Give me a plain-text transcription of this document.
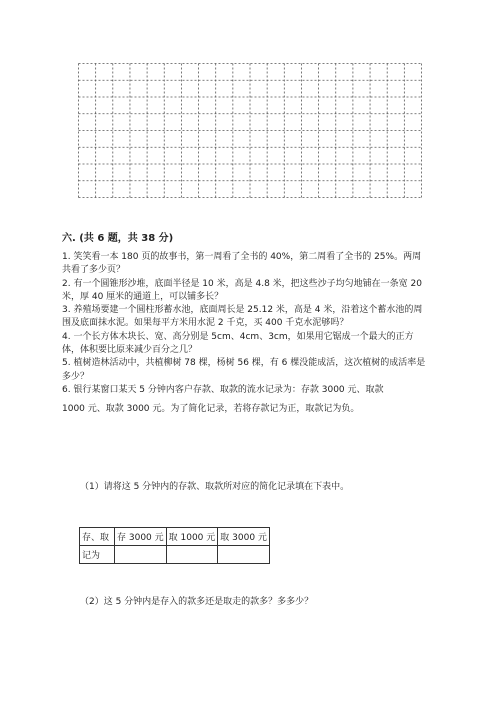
六. (共 6 题，共 38 分)

1. 笑笑看一本 180 页的故事书，第一周看了全书的 40%，第二周看了全书的 25%。两周共看了多少页？

2. 有一个圆锥形沙堆，底面半径是 10 米，高是 4.8 米，把这些沙子均匀地铺在一条宽 20 米，厚 40 厘米的通道上，可以铺多长？

3. 养殖场要建一个圆柱形蓄水池，底面周长是 25.12 米，高是 4 米，沿着这个蓄水池的周围及底面抹水泥。如果每平方米用水泥 2 千克，买 400 千克水泥够吗？

4. 一个长方体木块长、宽、高分别是 5cm、4cm、3cm，如果用它锯成一个最大的正方体，体积要比原来减少百分之几？

5. 植树造林活动中，共植柳树 78 棵，杨树 56 棵，有 6 棵没能成活，这次植树的成活率是多少？

6. 银行某窗口某天 5 分钟内客户存款、取款的流水记录为：存款 3000 元、取款

1000 元、取款 3000 元。为了简化记录，若将存款记为正，取款记为负。

（1）请将这 5 分钟内的存款、取款所对应的简化记录填在下表中。
存、取	存 3000 元	取 1000 元	取 3000 元
记为			
（2）这 5 分钟内是存入的款多还是取走的款多？多多少？
